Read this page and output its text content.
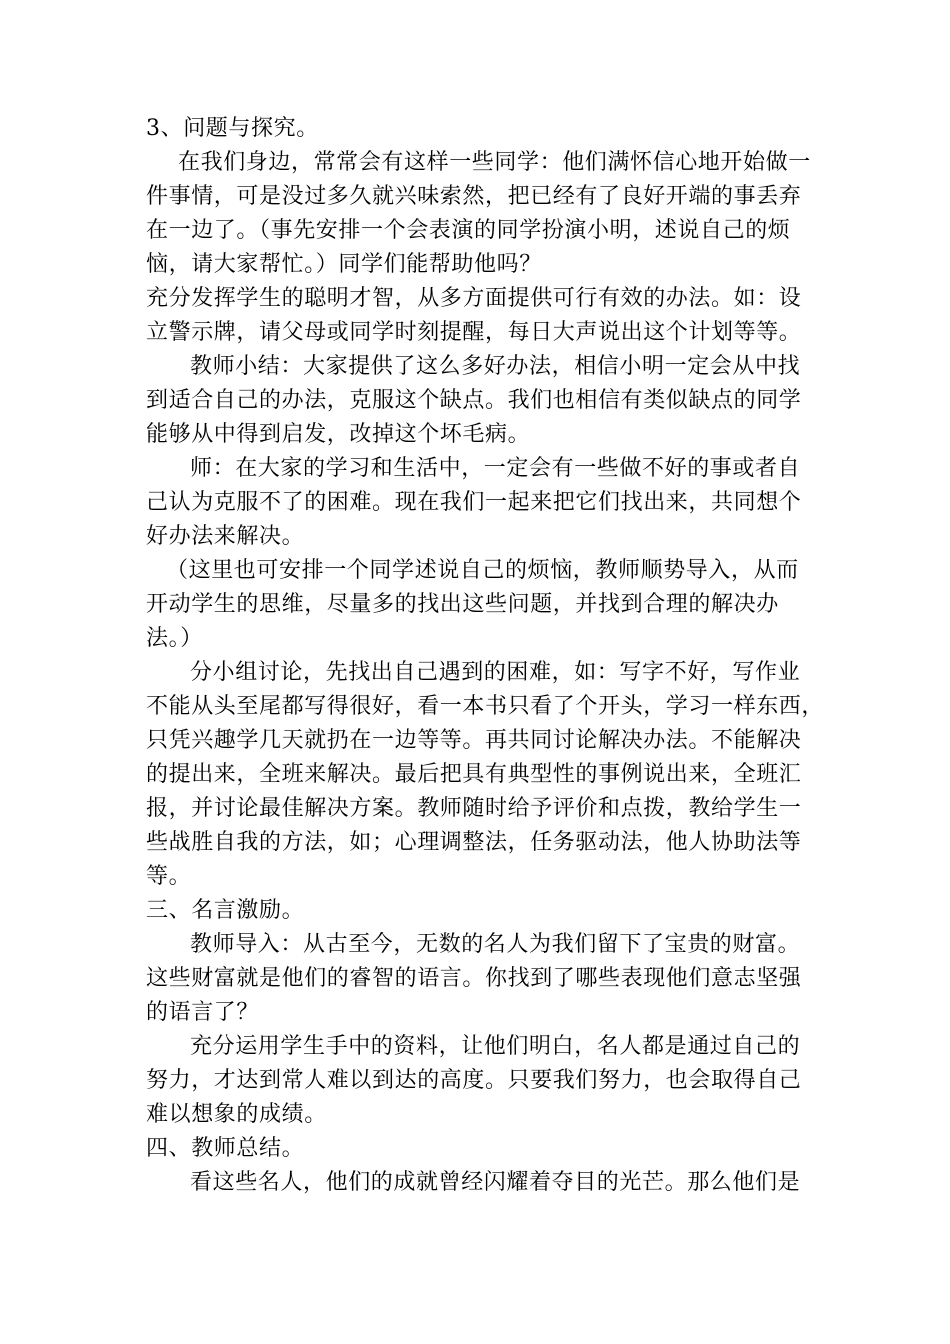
3、问题与探究。
在我们身边，常常会有这样一些同学：他们满怀信心地开始做一
件事情，可是没过多久就兴味索然，把已经有了良好开端的事丢弃
在一边了。（事先安排一个会表演的同学扮演小明，述说自己的烦
恼，请大家帮忙。）同学们能帮助他吗？
充分发挥学生的聪明才智，从多方面提供可行有效的办法。如：设
立警示牌，请父母或同学时刻提醒，每日大声说出这个计划等等。
教师小结：大家提供了这么多好办法，相信小明一定会从中找
到适合自己的办法，克服这个缺点。我们也相信有类似缺点的同学
能够从中得到启发，改掉这个坏毛病。
师：在大家的学习和生活中，一定会有一些做不好的事或者自
己认为克服不了的困难。现在我们一起来把它们找出来，共同想个
好办法来解决。
（这里也可安排一个同学述说自己的烦恼，教师顺势导入，从而
开动学生的思维，尽量多的找出这些问题，并找到合理的解决办
法。）
分小组讨论，先找出自己遇到的困难，如：写字不好，写作业
不能从头至尾都写得很好，看一本书只看了个开头，学习一样东西，
只凭兴趣学几天就扔在一边等等。再共同讨论解决办法。不能解决
的提出来，全班来解决。最后把具有典型性的事例说出来，全班汇
报，并讨论最佳解决方案。教师随时给予评价和点拨，教给学生一
些战胜自我的方法，如；心理调整法，任务驱动法，他人协助法等
等。
三、名言激励。
教师导入：从古至今，无数的名人为我们留下了宝贵的财富。
这些财富就是他们的睿智的语言。你找到了哪些表现他们意志坚强
的语言了？
充分运用学生手中的资料，让他们明白，名人都是通过自己的
努力，才达到常人难以到达的高度。只要我们努力，也会取得自己
难以想象的成绩。
四、教师总结。
看这些名人，他们的成就曾经闪耀着夺目的光芒。那么他们是
